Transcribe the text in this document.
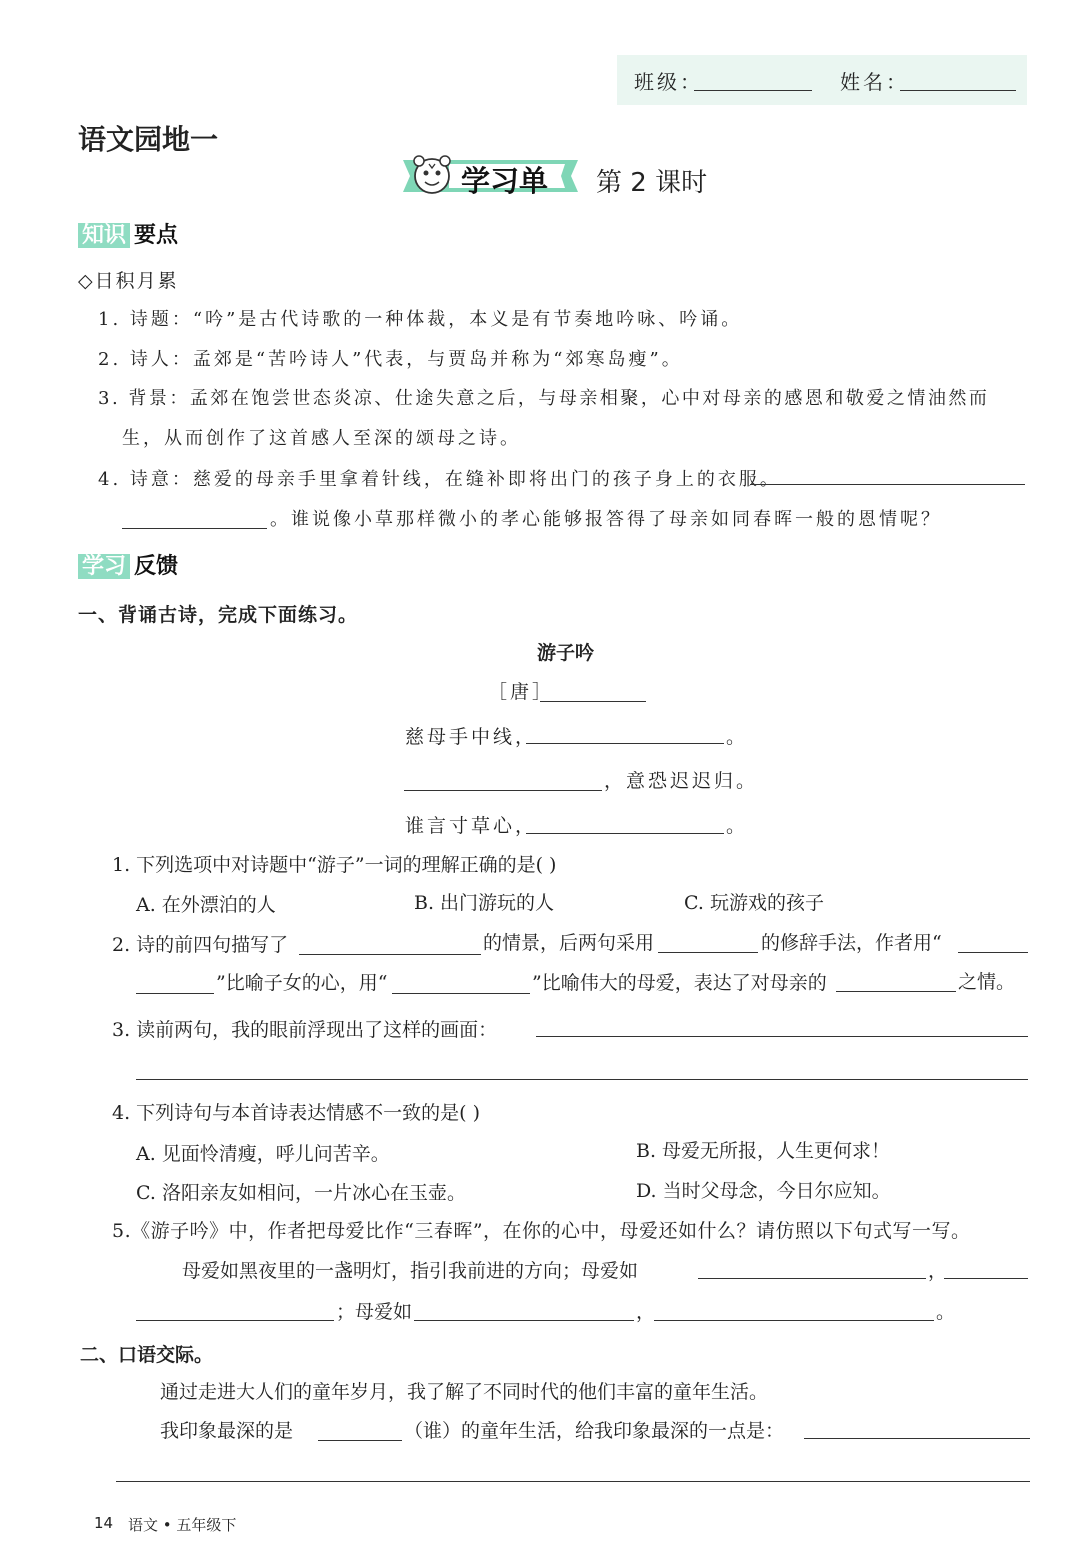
班级：	姓名：
语文园地一
学习单 第 2 课时
知识 要点
◇日积月累
1. 诗题：“吟”是古代诗歌的一种体裁，本义是有节奏地吟咏、吟诵。
2. 诗人：孟郊是“苦吟诗人”代表，与贾岛并称为“郊寒岛瘦”。
3. 背景：孟郊在饱尝世态炎凉、仕途失意之后，与母亲相聚，心中对母亲的感恩和敬爱之情油然而
生，从而创作了这首感人至深的颂母之诗。
4. 诗意：慈爱的母亲手里拿着针线，在缝补即将出门的孩子身上的衣服。
。谁说像小草那样微小的孝心能够报答得了母亲如同春晖一般的恩情呢？
学习 反馈
一、背诵古诗，完成下面练习。
游子吟
［唐］
慈母手中线，	。
，意恐迟迟归。
谁言寸草心，	。
1. 下列选项中对诗题中“游子”一词的理解正确的是( )
A. 在外漂泊的人	B. 出门游玩的人	C. 玩游戏的孩子
2. 诗的前四句描写了	的情景，后两句采用	的修辞手法，作者用“
”比喻子女的心，用“	”比喻伟大的母爱，表达了对母亲的	之情。
3. 读前两句，我的眼前浮现出了这样的画面：
4. 下列诗句与本首诗表达情感不一致的是( )
A. 见面怜清瘦，呼儿问苦辛。	B. 母爱无所报，人生更何求！
C. 洛阳亲友如相问，一片冰心在玉壶。	D. 当时父母念，今日尔应知。
5.《游子吟》中，作者把母爱比作“三春晖”，在你的心中，母爱还如什么？请仿照以下句式写一写。
母爱如黑夜里的一盏明灯，指引我前进的方向；母爱如	，
；母爱如	，	。
二、口语交际。
通过走进大人们的童年岁月，我了解了不同时代的他们丰富的童年生活。
我印象最深的是	（谁）的童年生活，给我印象最深的一点是：
14 语文 • 五年级下
